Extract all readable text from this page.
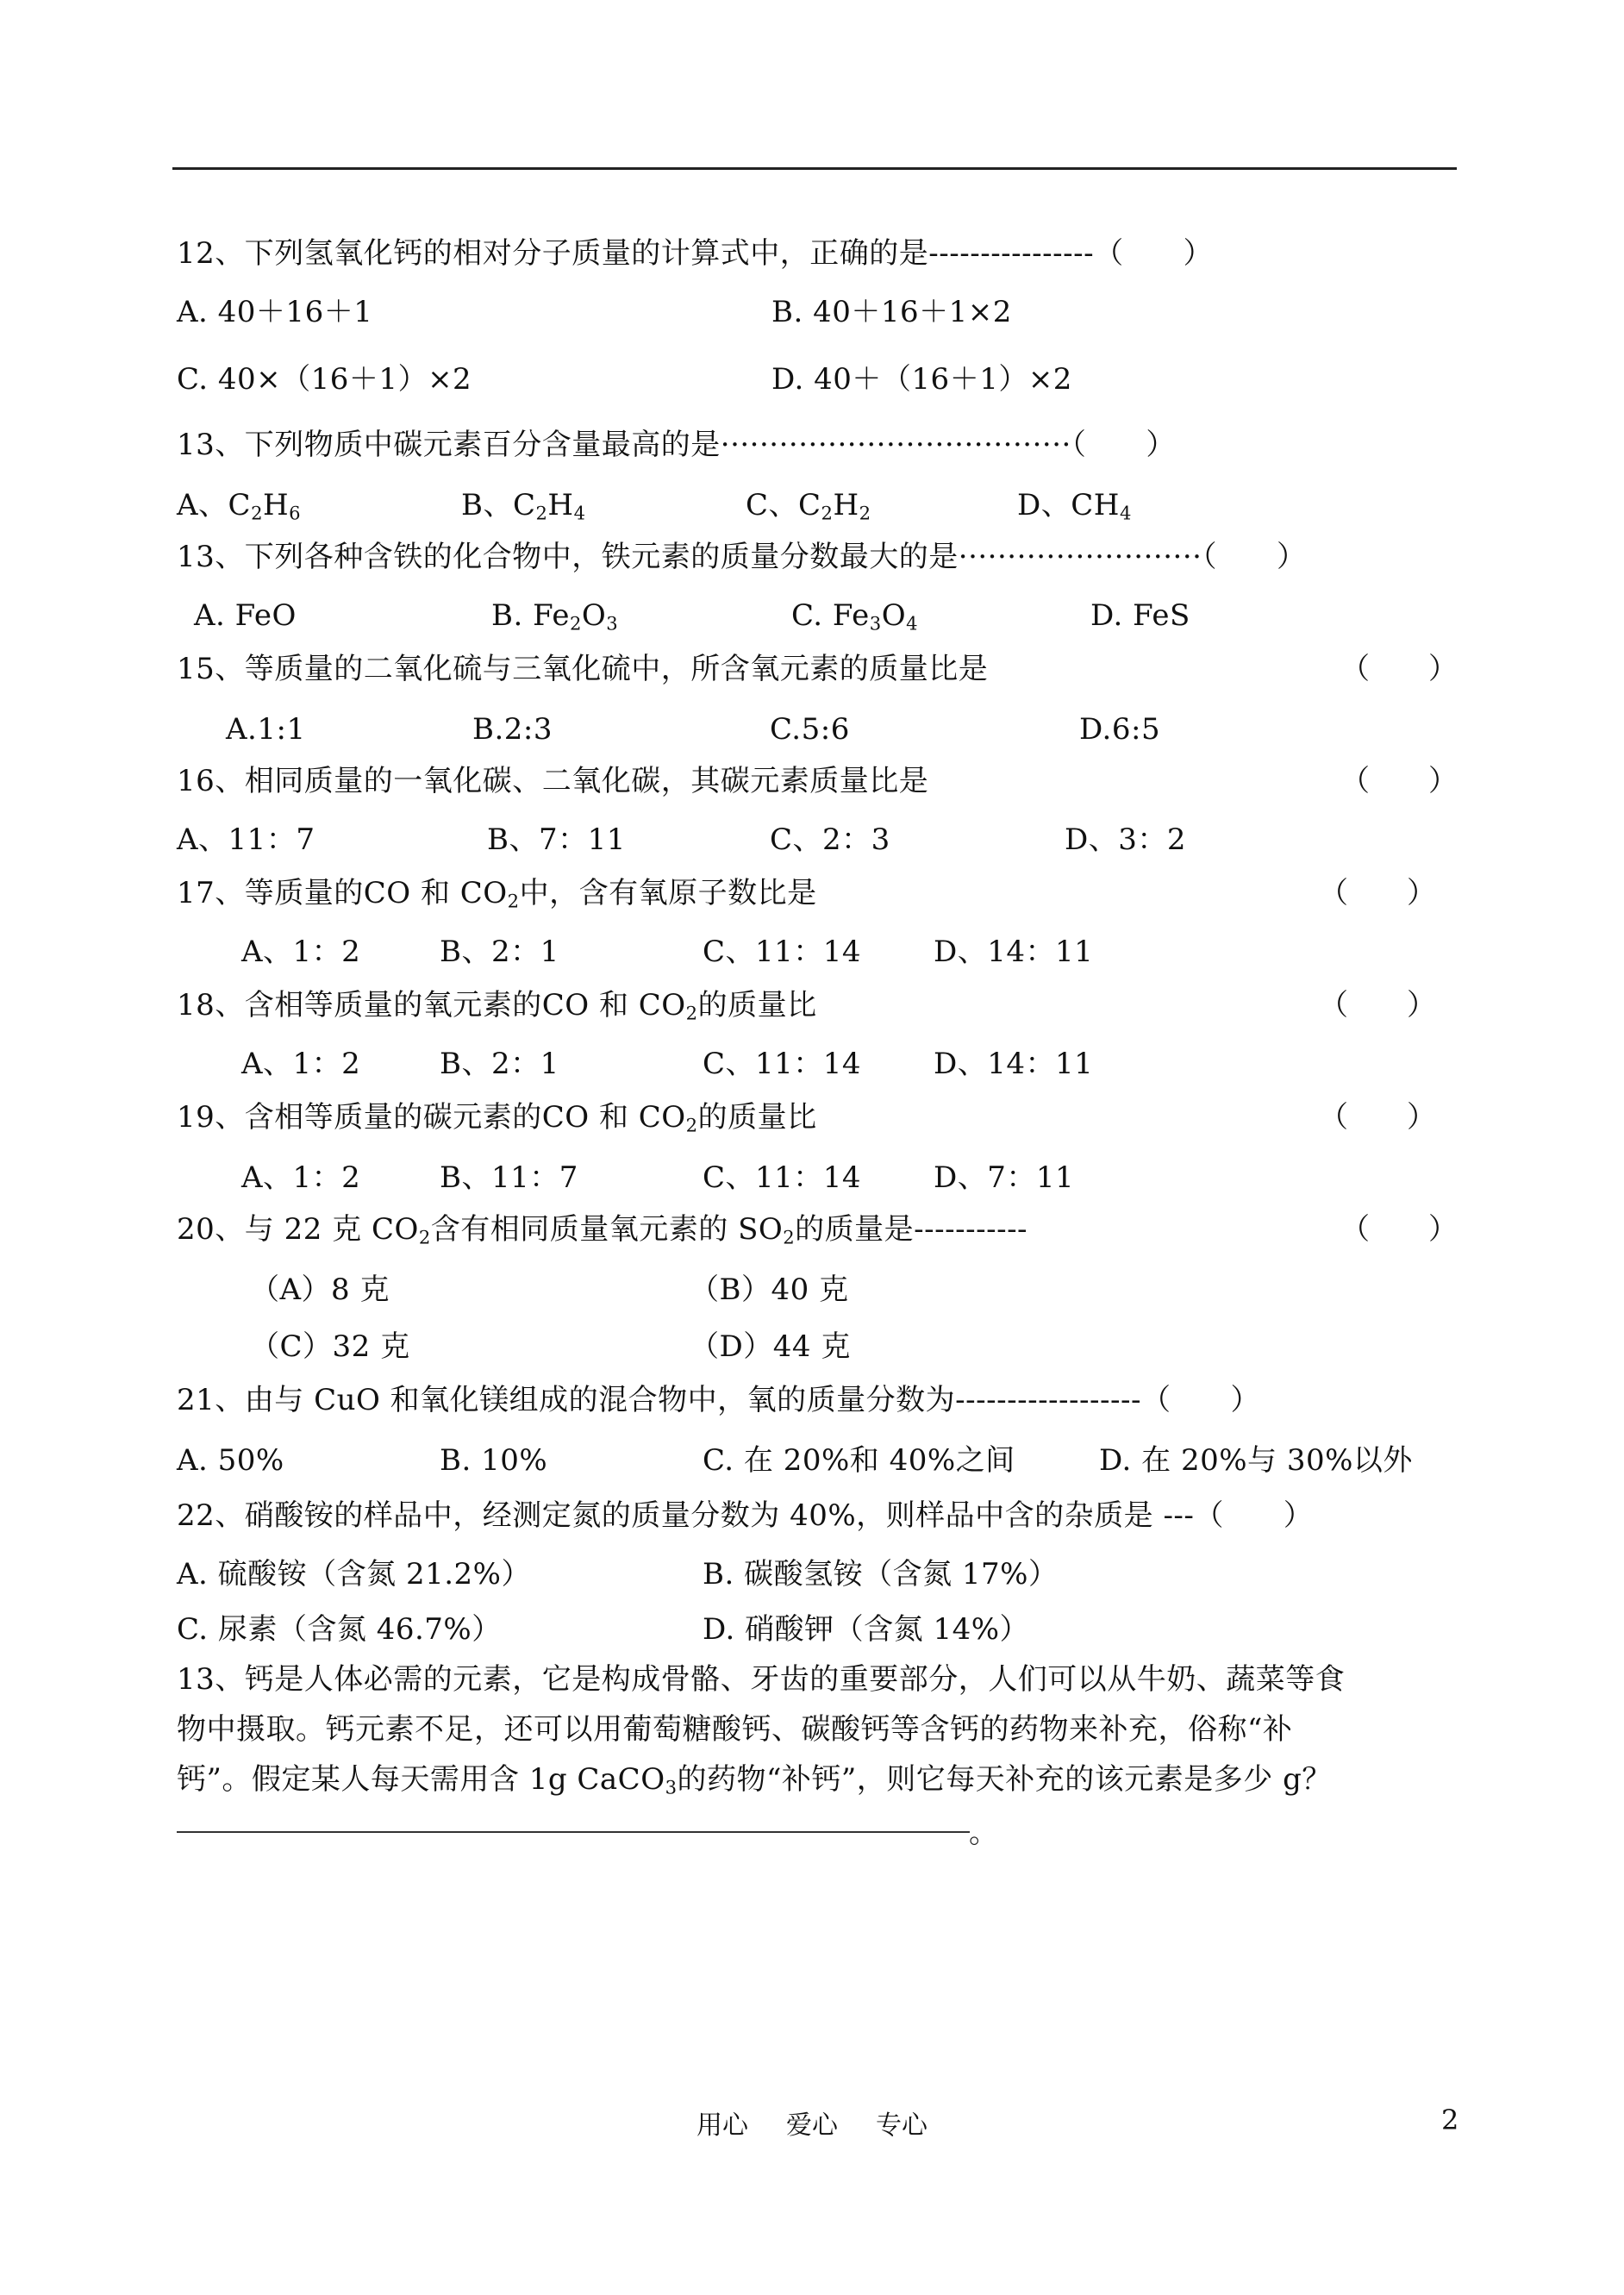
12、下列氢氧化钙的相对分子质量的计算式中，正确的是----------------（　　）
A. 40＋16＋1	B. 40＋16＋1×2
C. 40×（16＋1）×2	D. 40＋（16＋1）×2
13、下列物质中碳元素百分含量最高的是····································（　　）
A、$C_2H_6$	B、$C_2H_4$	C、$C_2H_2$	D、$CH_4$
13、下列各种含铁的化合物中，铁元素的质量分数最大的是·························（　　）
A. FeO	B. $Fe_2O_3$	C. $Fe_3O_4$	D. FeS
15、等质量的二氧化硫与三氧化硫中，所含氧元素的质量比是	（　　）
A.1:1	B.2:3	C.5:6	D.6:5
16、相同质量的一氧化碳、二氧化碳，其碳元素质量比是	（　　）
A、11：7	B、7：11	C、2：3	D、3：2
17、等质量的CO 和 $CO_2$中，含有氧原子数比是	（　　）
A、1：2	B、2：1	C、11：14 D、14：11
18、含相等质量的氧元素的CO 和 $CO_2$的质量比	（　　）
A、1：2	B、2：1	C、11：14 D、14：11
19、含相等质量的碳元素的CO 和 $CO_2$的质量比	（　　）
A、1：2	B、11：7	C、11：14 D、7：11
20、与 22 克 $CO_2$含有相同质量氧元素的 $SO_2$的质量是-----------	（　　）
（A）8 克	（B）40 克
（C）32 克	（D）44 克
21、由与 CuO 和氧化镁组成的混合物中，氧的质量分数为------------------（　　）
A. 50%	B. 10%	C. 在 20%和 40%之间	D. 在 20%与 30%以外
22、硝酸铵的样品中，经测定氮的质量分数为 40%，则样品中含的杂质是 ---（　　）
A. 硫酸铵（含氮 21.2%）	B. 碳酸氢铵（含氮 17%）
C. 尿素（含氮 46.7%）	D. 硝酸钾（含氮 14%）
13、钙是人体必需的元素，它是构成骨骼、牙齿的重要部分，人们可以从牛奶、蔬菜等食
物中摄取。钙元素不足，还可以用葡萄糖酸钙、碳酸钙等含钙的药物来补充，俗称“补
钙”。假定某人每天需用含 1g CaCO$_3$的药物“补钙”，则它每天补充的该元素是多少 g？
。
用心 爱心 专心	2
